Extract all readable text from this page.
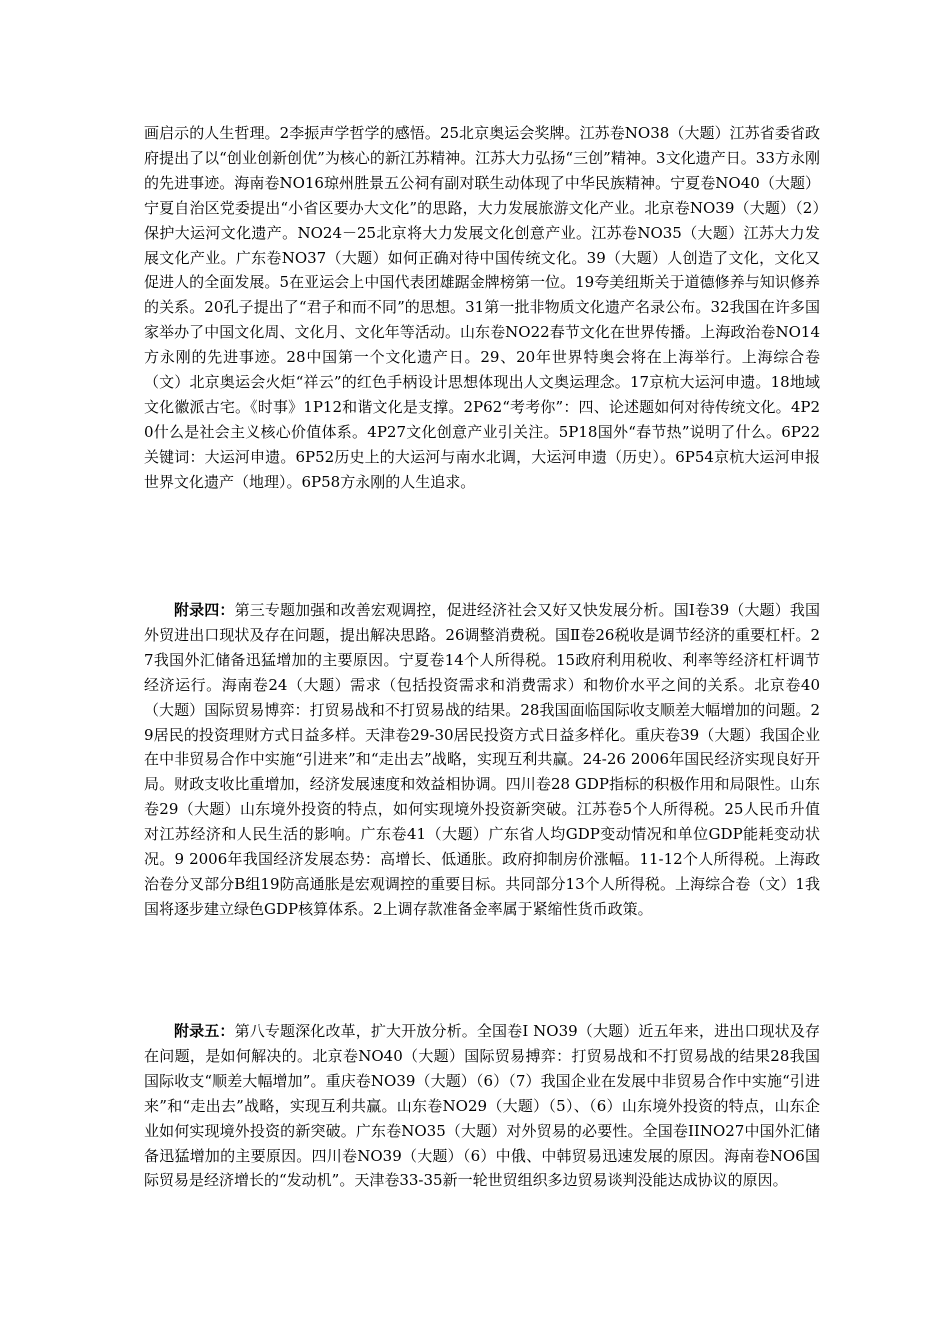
画启示的人生哲理。2李振声学哲学的感悟。25北京奥运会奖牌。江苏卷NO38（大题）江苏省委省政府提出了以“创业创新创优”为核心的新江苏精神。江苏大力弘扬“三创”精神。3文化遗产日。33方永刚的先进事迹。海南卷NO16琼州胜景五公祠有副对联生动体现了中华民族精神。宁夏卷NO40（大题）宁夏自治区党委提出“小省区要办大文化”的思路，大力发展旅游文化产业。北京卷NO39（大题）（2）保护大运河文化遗产。NO24－25北京将大力发展文化创意产业。江苏卷NO35（大题）江苏大力发展文化产业。广东卷NO37（大题）如何正确对待中国传统文化。39（大题）人创造了文化，文化又促进人的全面发展。5在亚运会上中国代表团雄踞金牌榜第一位。19夸美纽斯关于道德修养与知识修养的关系。20孔子提出了“君子和而不同”的思想。31第一批非物质文化遗产名录公布。32我国在许多国家举办了中国文化周、文化月、文化年等活动。山东卷NO22春节文化在世界传播。上海政治卷NO14方永刚的先进事迹。28中国第一个文化遗产日。29、20年世界特奥会将在上海举行。上海综合卷（文）北京奥运会火炬“祥云”的红色手柄设计思想体现出人文奥运理念。17京杭大运河申遗。18地域文化徽派古宅。《时事》1P12和谐文化是支撑。2P62“考考你”：四、论述题如何对待传统文化。4P20什么是社会主义核心价值体系。4P27文化创意产业引关注。5P18国外“春节热”说明了什么。6P22关键词：大运河申遗。6P52历史上的大运河与南水北调，大运河申遗（历史）。6P54京杭大运河申报世界文化遗产（地理）。6P58方永刚的人生追求。
附录四：第三专题加强和改善宏观调控，促进经济社会又好又快发展分析。国Ⅰ卷39（大题）我国外贸进出口现状及存在问题，提出解决思路。26调整消费税。国Ⅱ卷26税收是调节经济的重要杠杆。27我国外汇储备迅猛增加的主要原因。宁夏卷14个人所得税。15政府利用税收、利率等经济杠杆调节经济运行。海南卷24（大题）需求（包括投资需求和消费需求）和物价水平之间的关系。北京卷40（大题）国际贸易博弈：打贸易战和不打贸易战的结果。28我国面临国际收支顺差大幅增加的问题。29居民的投资理财方式日益多样。天津卷29-30居民投资方式日益多样化。重庆卷39（大题）我国企业在中非贸易合作中实施“引进来”和“走出去”战略，实现互利共赢。24-26 2006年国民经济实现良好开局。财政支收比重增加，经济发展速度和效益相协调。四川卷28 GDP指标的积极作用和局限性。山东卷29（大题）山东境外投资的特点，如何实现境外投资新突破。江苏卷5个人所得税。25人民币升值对江苏经济和人民生活的影响。广东卷41（大题）广东省人均GDP变动情况和单位GDP能耗变动状况。9 2006年我国经济发展态势：高增长、低通胀。政府抑制房价涨幅。11-12个人所得税。上海政治卷分叉部分B组19防高通胀是宏观调控的重要目标。共同部分13个人所得税。上海综合卷（文）1我国将逐步建立绿色GDP核算体系。2上调存款准备金率属于紧缩性货币政策。
附录五：第八专题深化改革，扩大开放分析。全国卷I NO39（大题）近五年来，进出口现状及存在问题，是如何解决的。北京卷NO40（大题）国际贸易搏弈：打贸易战和不打贸易战的结果28我国国际收支“顺差大幅增加”。重庆卷NO39（大题）（6）（7）我国企业在发展中非贸易合作中实施“引进来”和“走出去”战略，实现互利共赢。山东卷NO29（大题）（5）、（6）山东境外投资的特点，山东企业如何实现境外投资的新突破。广东卷NO35（大题）对外贸易的必要性。全国卷IINO27中国外汇储备迅猛增加的主要原因。四川卷NO39（大题）（6）中俄、中韩贸易迅速发展的原因。海南卷NO6国际贸易是经济增长的“发动机”。天津卷33-35新一轮世贸组织多边贸易谈判没能达成协议的原因。
